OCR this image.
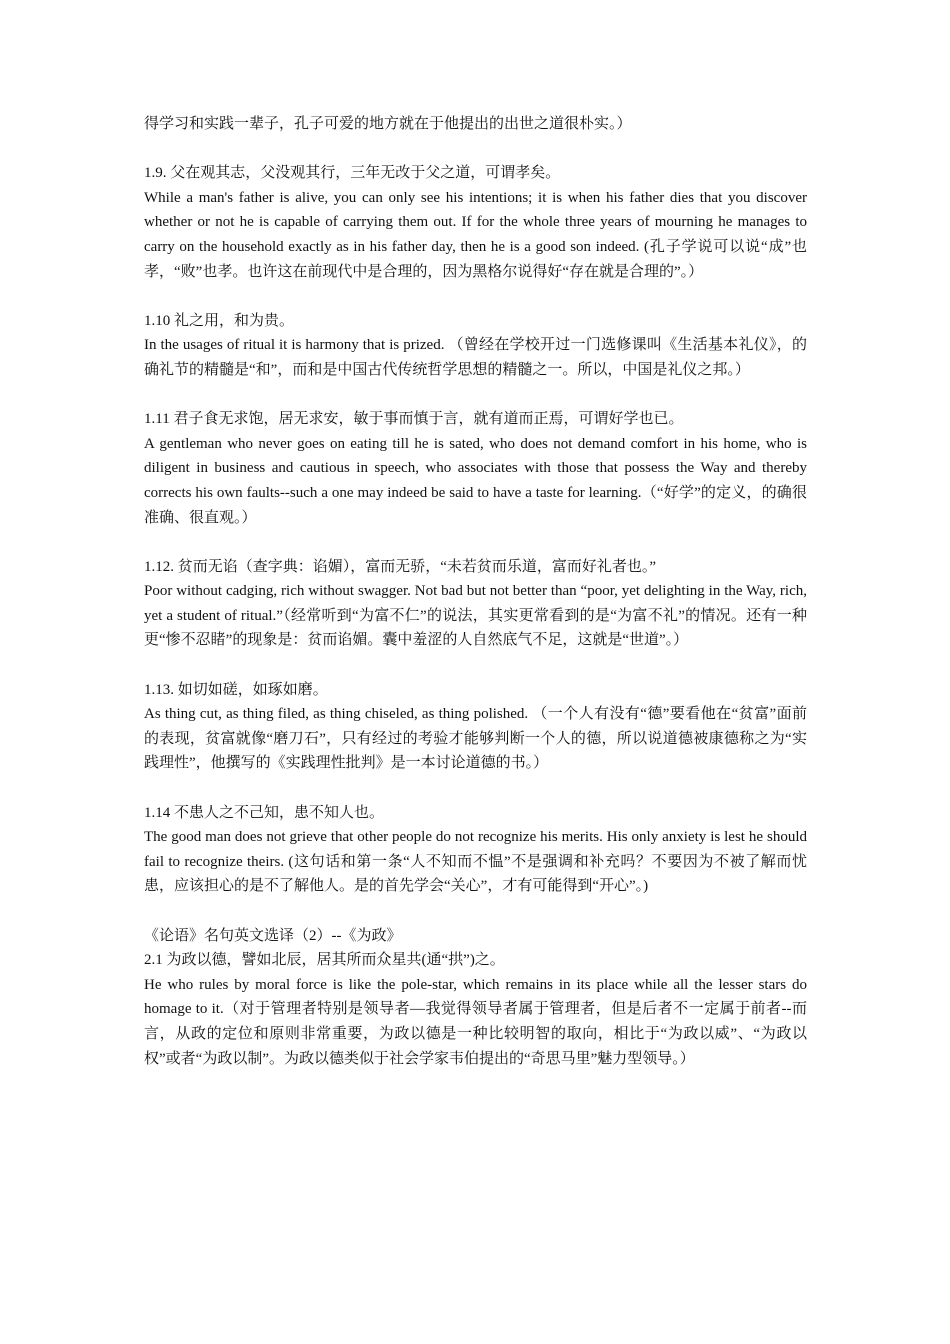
得学习和实践一辈子，孔子可爱的地方就在于他提出的出世之道很朴实。）

1.9. 父在观其志，父没观其行，三年无改于父之道，可谓孝矣。

While a man's father is alive, you can only see his intentions; it is when his father dies that you discover whether or not he is capable of carrying them out. If for the whole three years of mourning he manages to carry on the household exactly as in his father day, then he is a good son indeed. (孔子学说可以说“成”也孝，“败”也孝。也许这在前现代中是合理的，因为黑格尔说得好“存在就是合理的”。）

1.10 礼之用，和为贵。

In the usages of ritual it is harmony that is prized. （曾经在学校开过一门选修课叫《生活基本礼仪》，的确礼节的精髓是“和”，而和是中国古代传统哲学思想的精髓之一。所以，中国是礼仪之邦。）

1.11 君子食无求饱，居无求安，敏于事而慎于言，就有道而正焉，可谓好学也已。

A gentleman who never goes on eating till he is sated, who does not demand comfort in his home, who is diligent in business and cautious in speech, who associates with those that possess the Way and thereby corrects his own faults--such a one may indeed be said to have a taste for learning.（“好学”的定义，的确很准确、很直观。）

1.12. 贫而无谄（查字典：谄媚），富而无骄，“未若贫而乐道，富而好礼者也。”

Poor without cadging, rich without swagger. Not bad but not better than “poor, yet delighting in the Way, rich, yet a student of ritual.”（经常听到“为富不仁”的说法，其实更常看到的是“为富不礼”的情况。还有一种更“惨不忍睹”的现象是：贫而谄媚。囊中羞涩的人自然底气不足，这就是“世道”。）

1.13. 如切如磋，如琢如磨。

As thing cut, as thing filed, as thing chiseled, as thing polished. （一个人有没有“德”要看他在“贫富”面前的表现，贫富就像“磨刀石”，只有经过的考验才能够判断一个人的德，所以说道德被康德称之为“实践理性”，他撰写的《实践理性批判》是一本讨论道德的书。）

1.14 不患人之不己知，患不知人也。

The good man does not grieve that other people do not recognize his merits. His only anxiety is lest he should fail to recognize theirs. (这句话和第一条“人不知而不愠”不是强调和补充吗？不要因为不被了解而忧患，应该担心的是不了解他人。是的首先学会“关心”，才有可能得到“开心”。)

《论语》名句英文选译（2）--《为政》

2.1 为政以德，譬如北辰，居其所而众星共(通“拱”)之。

He who rules by moral force is like the pole-star, which remains in its place while all the lesser stars do homage to it.（对于管理者特别是领导者—我觉得领导者属于管理者，但是后者不一定属于前者--而言，从政的定位和原则非常重要，为政以德是一种比较明智的取向，相比于“为政以威”、“为政以权”或者“为政以制”。为政以德类似于社会学家韦伯提出的“奇思马里”魅力型领导。）
